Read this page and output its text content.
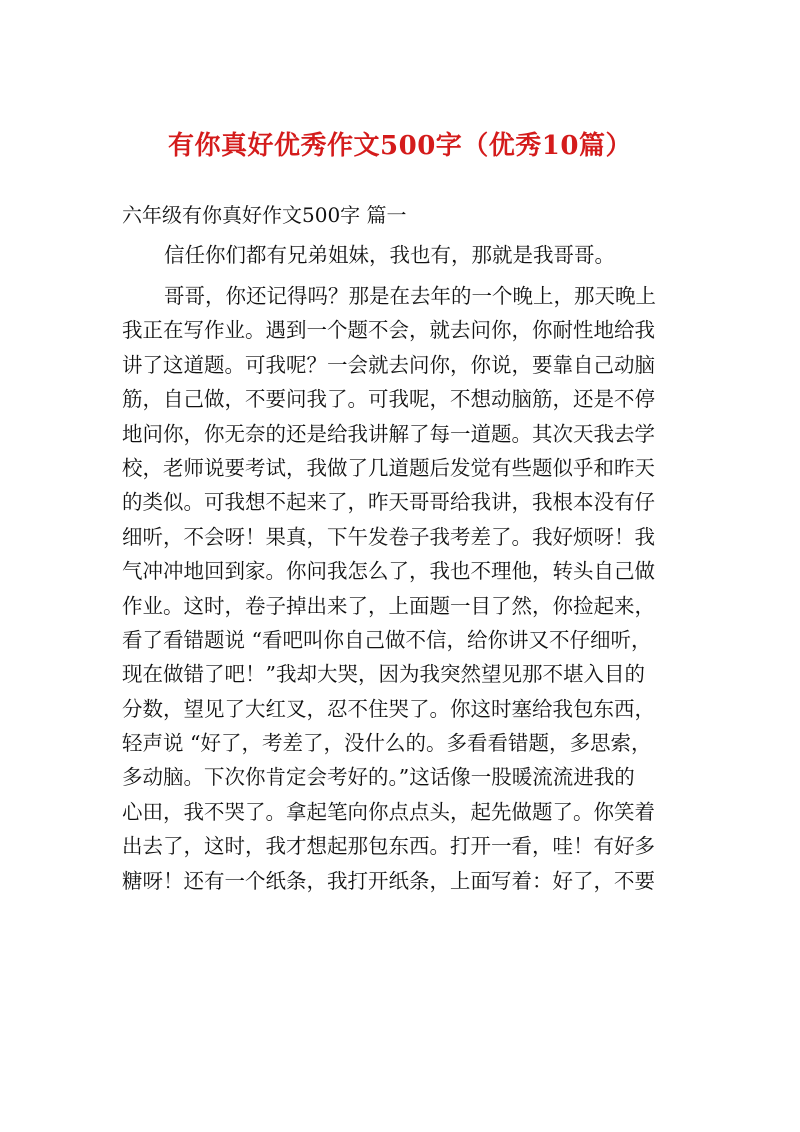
有你真好优秀作文500字（优秀10篇）
六年级有你真好作文500字 篇一
信任你们都有兄弟姐妹，我也有，那就是我哥哥。
哥哥，你还记得吗？那是在去年的一个晚上，那天晚上
我正在写作业。遇到一个题不会，就去问你，你耐性地给我
讲了这道题。可我呢？一会就去问你，你说，要靠自己动脑
筋，自己做，不要问我了。可我呢，不想动脑筋，还是不停
地问你，你无奈的还是给我讲解了每一道题。其次天我去学
校，老师说要考试，我做了几道题后发觉有些题似乎和昨天
的类似。可我想不起来了，昨天哥哥给我讲，我根本没有仔
细听，不会呀！果真，下午发卷子我考差了。我好烦呀！我
气冲冲地回到家。你问我怎么了，我也不理他，转头自己做
作业。这时，卷子掉出来了，上面题一目了然，你捡起来，
看了看错题说 “看吧叫你自己做不信，给你讲又不仔细听，
现在做错了吧！”我却大哭，因为我突然望见那不堪入目的
分数，望见了大红叉，忍不住哭了。你这时塞给我包东西，
轻声说 “好了，考差了，没什么的。多看看错题，多思索，
多动脑。下次你肯定会考好的。”这话像一股暖流流进我的
心田，我不哭了。拿起笔向你点点头，起先做题了。你笑着
出去了，这时，我才想起那包东西。打开一看，哇！有好多
糖呀！还有一个纸条，我打开纸条，上面写着：好了，不要
